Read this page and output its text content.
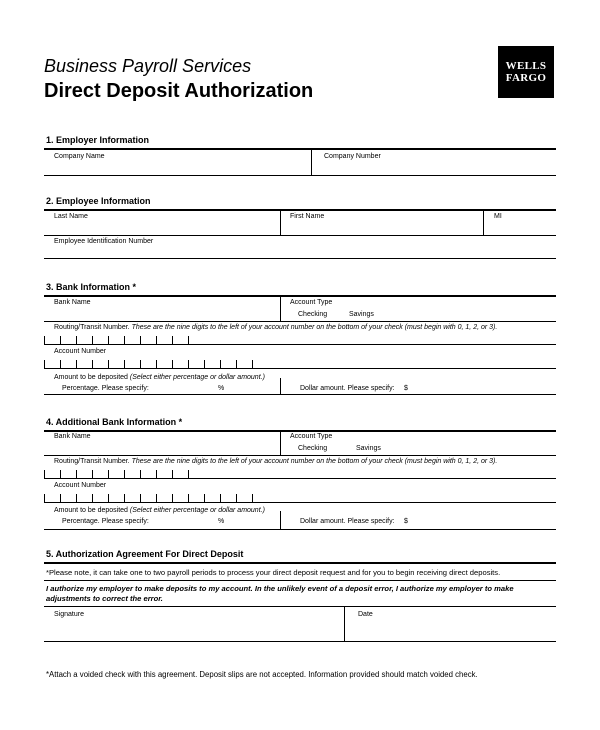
Business Payroll Services
Direct Deposit Authorization
WELLS
FARGO
1. Employer Information
Company Name	Company Number
2. Employee Information
Last Name	First Name	MI
Employee Identification Number
3. Bank Information *
Bank Name	Account Type
Checking	Savings
Routing/Transit Number. These are the nine digits to the left of your account number on the bottom of your check (must begin with 0, 1, 2, or 3).
Account Number
Amount to be deposited (Select either percentage or dollar amount.)
Percentage. Please specify:	%	Dollar amount. Please specify: $
4. Additional Bank Information *
Bank Name	Account Type
Checking	Savings
Routing/Transit Number. These are the nine digits to the left of your account number on the bottom of your check (must begin with 0, 1, 2, or 3).
Account Number
Amount to be deposited (Select either percentage or dollar amount.)
Percentage. Please specify:	%	Dollar amount. Please specify: $
5. Authorization Agreement For Direct Deposit
*Please note, it can take one to two payroll periods to process your direct deposit request and for you to begin receiving direct deposits.
I authorize my employer to make deposits to my account. In the unlikely event of a deposit error, I authorize my employer to make
adjustments to correct the error.
Signature	Date
*Attach a voided check with this agreement. Deposit slips are not accepted. Information provided should match voided check.
